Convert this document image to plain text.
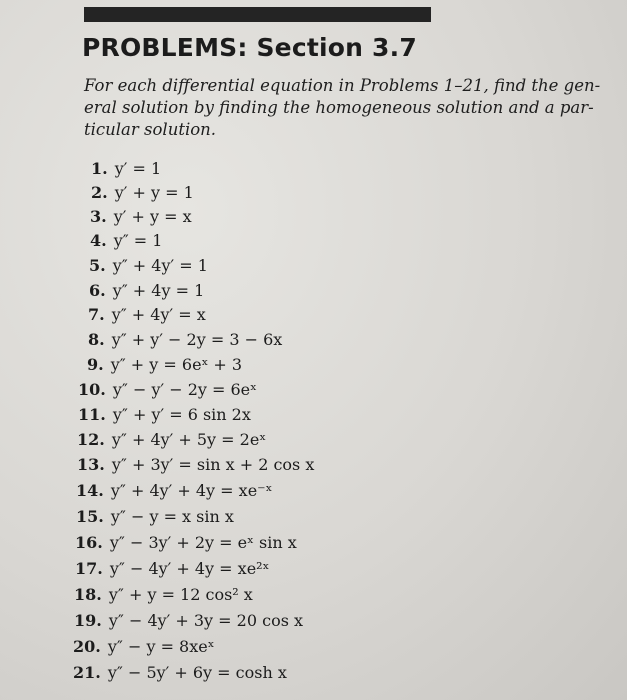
PROBLEMS: Section 3.7

For each differential equation in Problems 1–21, find the gen-
eral solution by finding the homogeneous solution and a par-
ticular solution.

1. y′ = 1
2. y′ + y = 1
3. y′ + y = x
4. y″ = 1
5. y″ + 4y′ = 1
6. y″ + 4y = 1
7. y″ + 4y′ = x
8. y″ + y′ − 2y = 3 − 6x
9. y″ + y = 6eˣ + 3
10. y″ − y′ − 2y = 6eˣ
11. y″ + y′ = 6 sin 2x
12. y″ + 4y′ + 5y = 2eˣ
13. y″ + 3y′ = sin x + 2 cos x
14. y″ + 4y′ + 4y = xe⁻ˣ
15. y″ − y = x sin x
16. y″ − 3y′ + 2y = eˣ sin x
17. y″ − 4y′ + 4y = xe²ˣ
18. y″ + y = 12 cos² x
19. y″ − 4y′ + 3y = 20 cos x
20. y″ − y = 8xeˣ
21. y″ − 5y′ + 6y = cosh x
